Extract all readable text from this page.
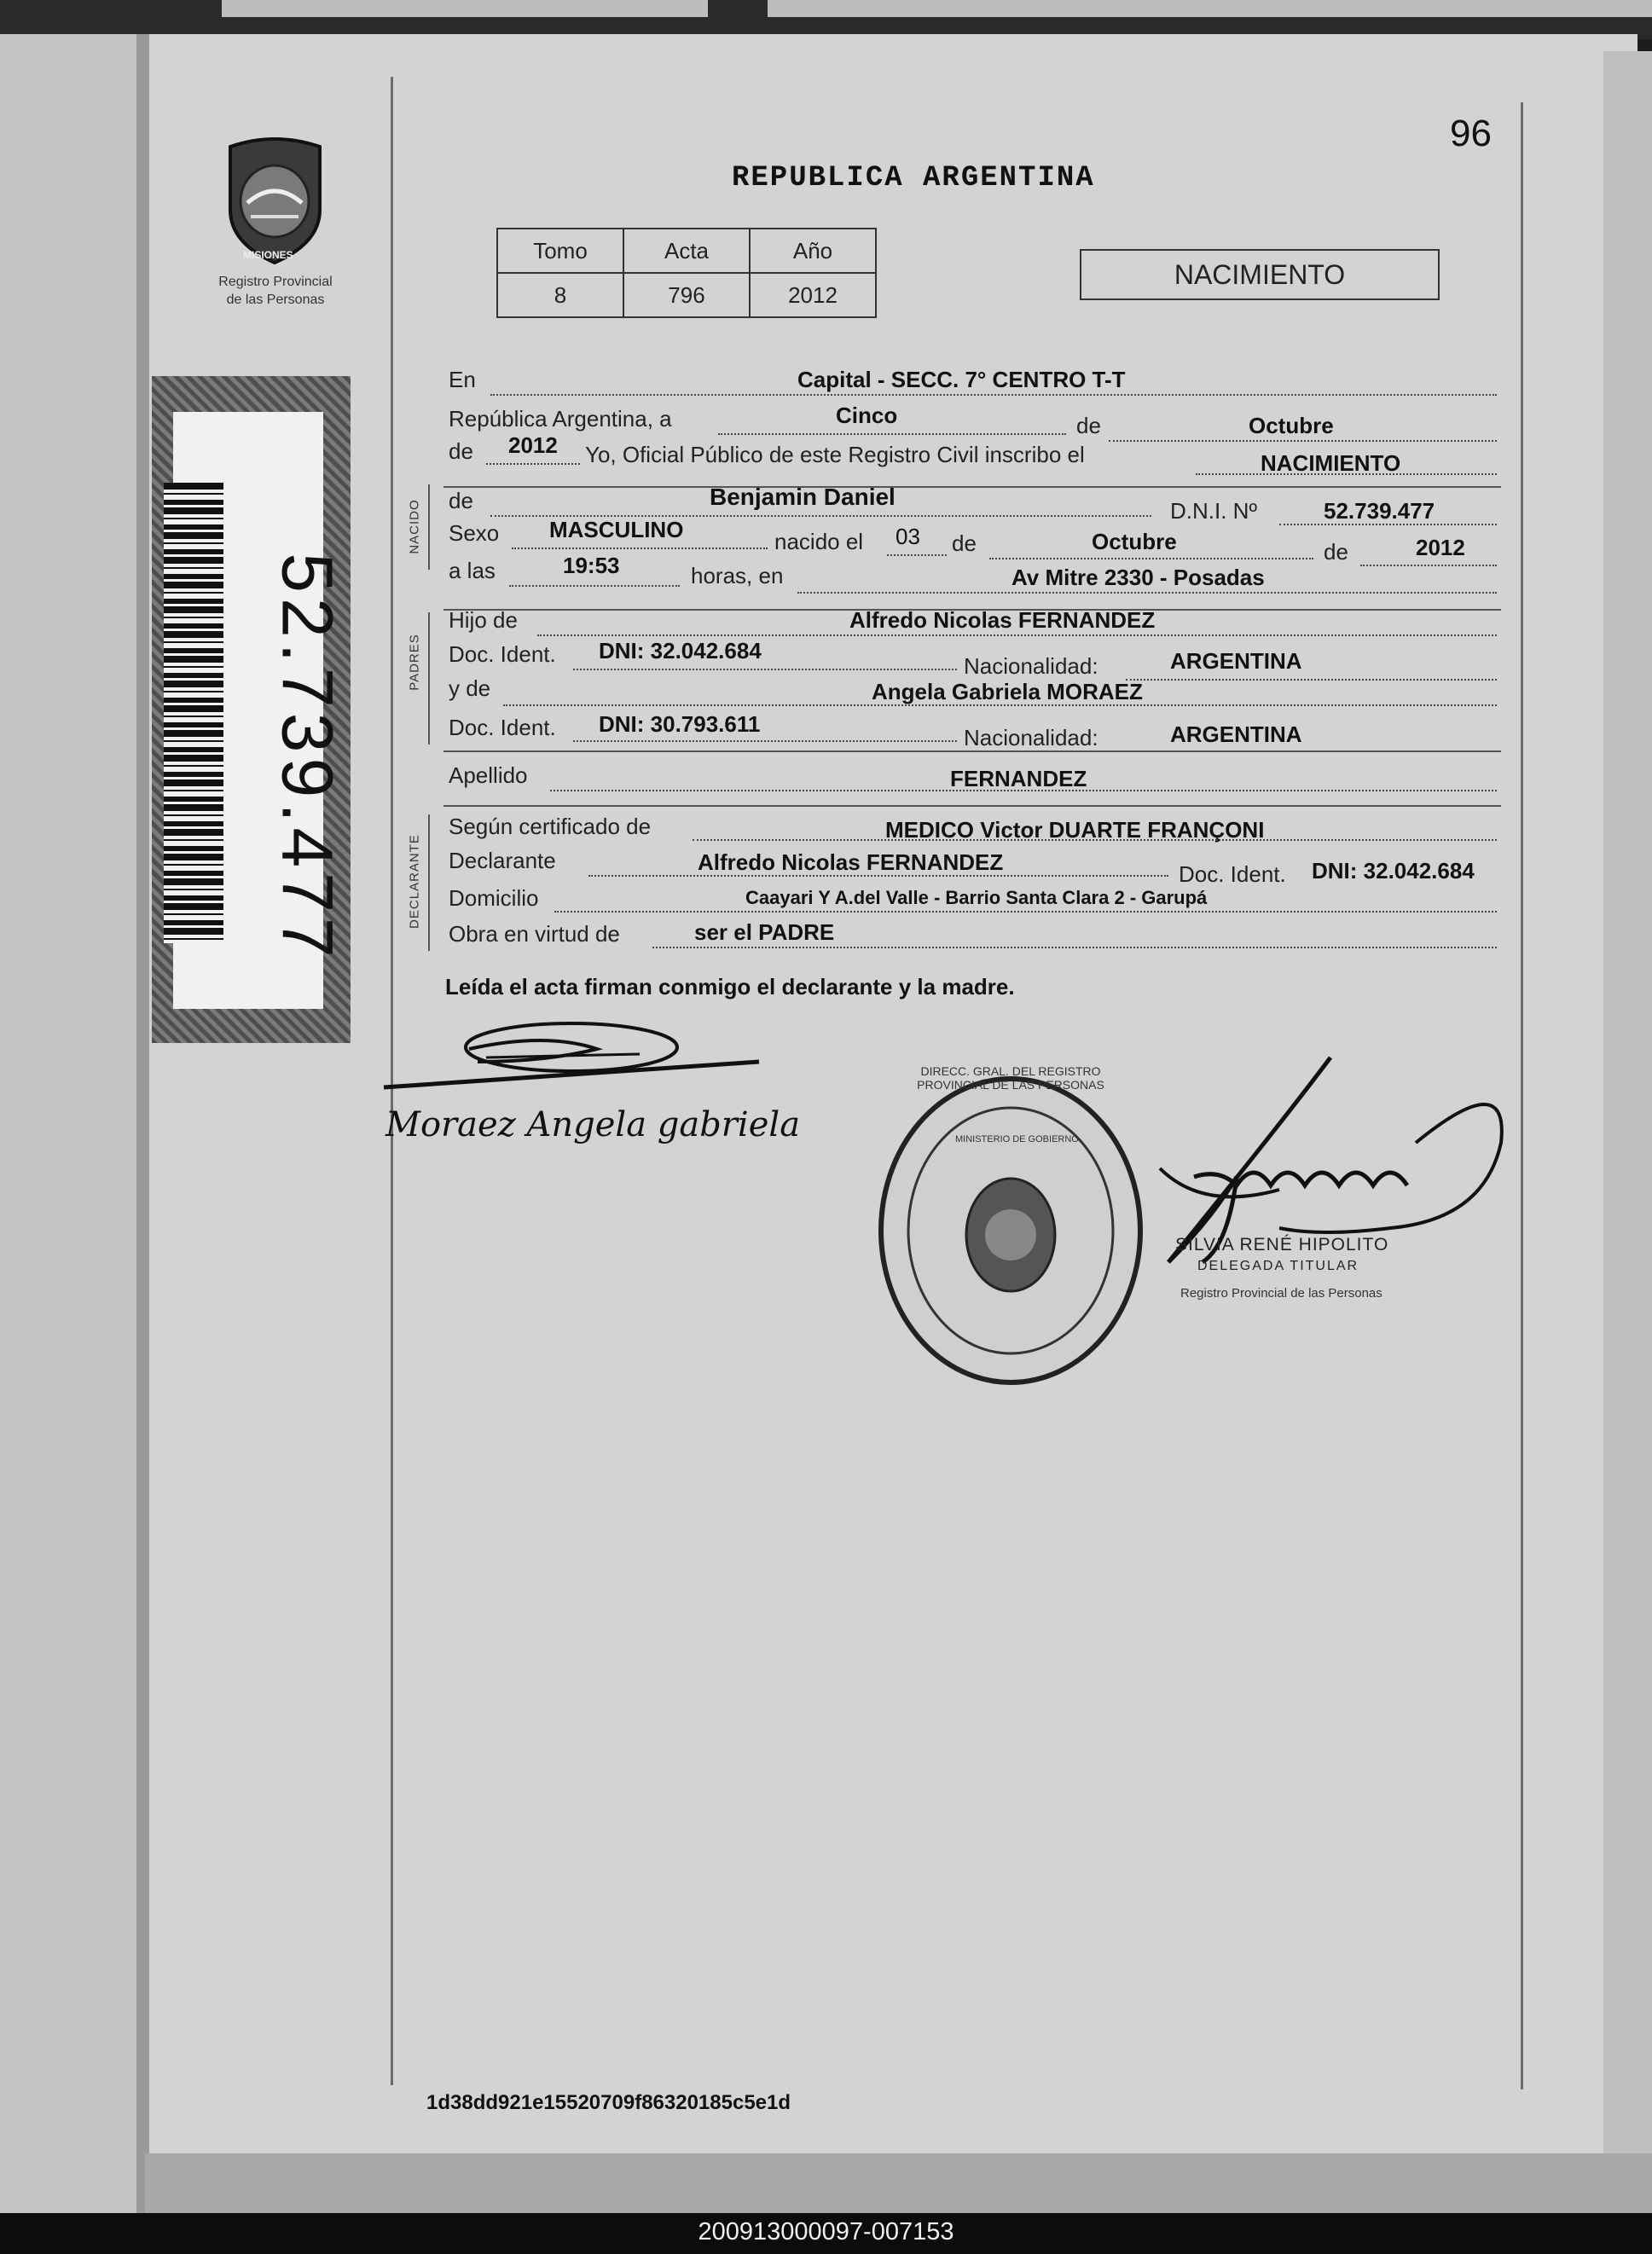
MISIONES
Registro Provincial
de las Personas
52.739.477
96
REPUBLICA ARGENTINA
Tomo	Acta	Año
8	796	2012
NACIMIENTO
NACIDO
PADRES
DECLARANTE
En	Capital - SECC. 7° CENTRO T-T
República Argentina, a	Cinco	de	Octubre
de 2012 Yo, Oficial Público de este Registro Civil inscribo el	NACIMIENTO
de	Benjamin Daniel
D.N.I. Nº	52.739.477
Sexo MASCULINO	nacido el 03 de	Octubre	de	2012
a las	19:53	horas, en	Av Mitre 2330 - Posadas
Hijo de	Alfredo Nicolas FERNANDEZ
Doc. Ident. DNI: 32.042.684
Nacionalidad:	ARGENTINA
y de	Angela Gabriela MORAEZ
Doc. Ident. DNI: 30.793.611
Nacionalidad:	ARGENTINA
Apellido	FERNANDEZ
Según certificado de	MEDICO Victor DUARTE FRANÇONI
Declarante	Alfredo Nicolas FERNANDEZ	Doc. Ident. DNI: 32.042.684
Domicilio	Caayari Y A.del Valle - Barrio Santa Clara 2 - Garupá
Obra en virtud de	ser el PADRE
Leída el acta firman conmigo el declarante y la madre.
Moraez Angela gabriela
DIRECC. GRAL. DEL REGISTRO PROVINCIAL DE LAS PERSONAS
MINISTERIO DE GOBIERNO
SILVIA RENÉ HIPOLITO
DELEGADA TITULAR
Registro Provincial de las Personas
1d38dd921e15520709f86320185c5e1d
200913000097-007153
